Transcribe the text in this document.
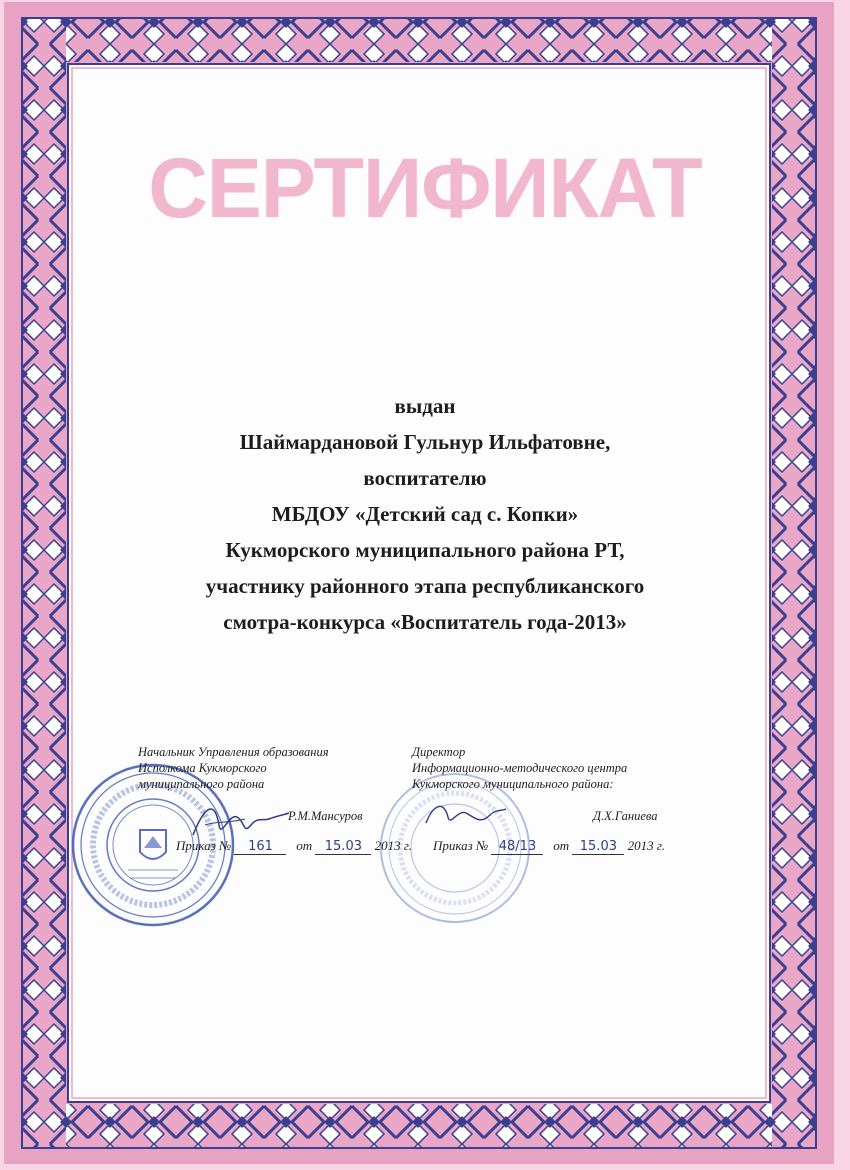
СЕРТИФИКАТ
выдан
Шаймардановой Гульнур Ильфатовне,
воспитателю
МБДОУ «Детский сад с. Копки»
Кукморского муниципального района РТ,
участнику районного этапа республиканского
смотра-конкурса «Воспитатель года-2013»
Начальник Управления образования
Исполкома Кукморского
муниципального района
Р.М.Мансуров
Приказ № 161 от 15.03 2013 г.
Директор
Информационно-методического центра
Кукморского муниципального района:
Д.Х.Ганиева
Приказ № 48/13 от 15.03 2013 г.
